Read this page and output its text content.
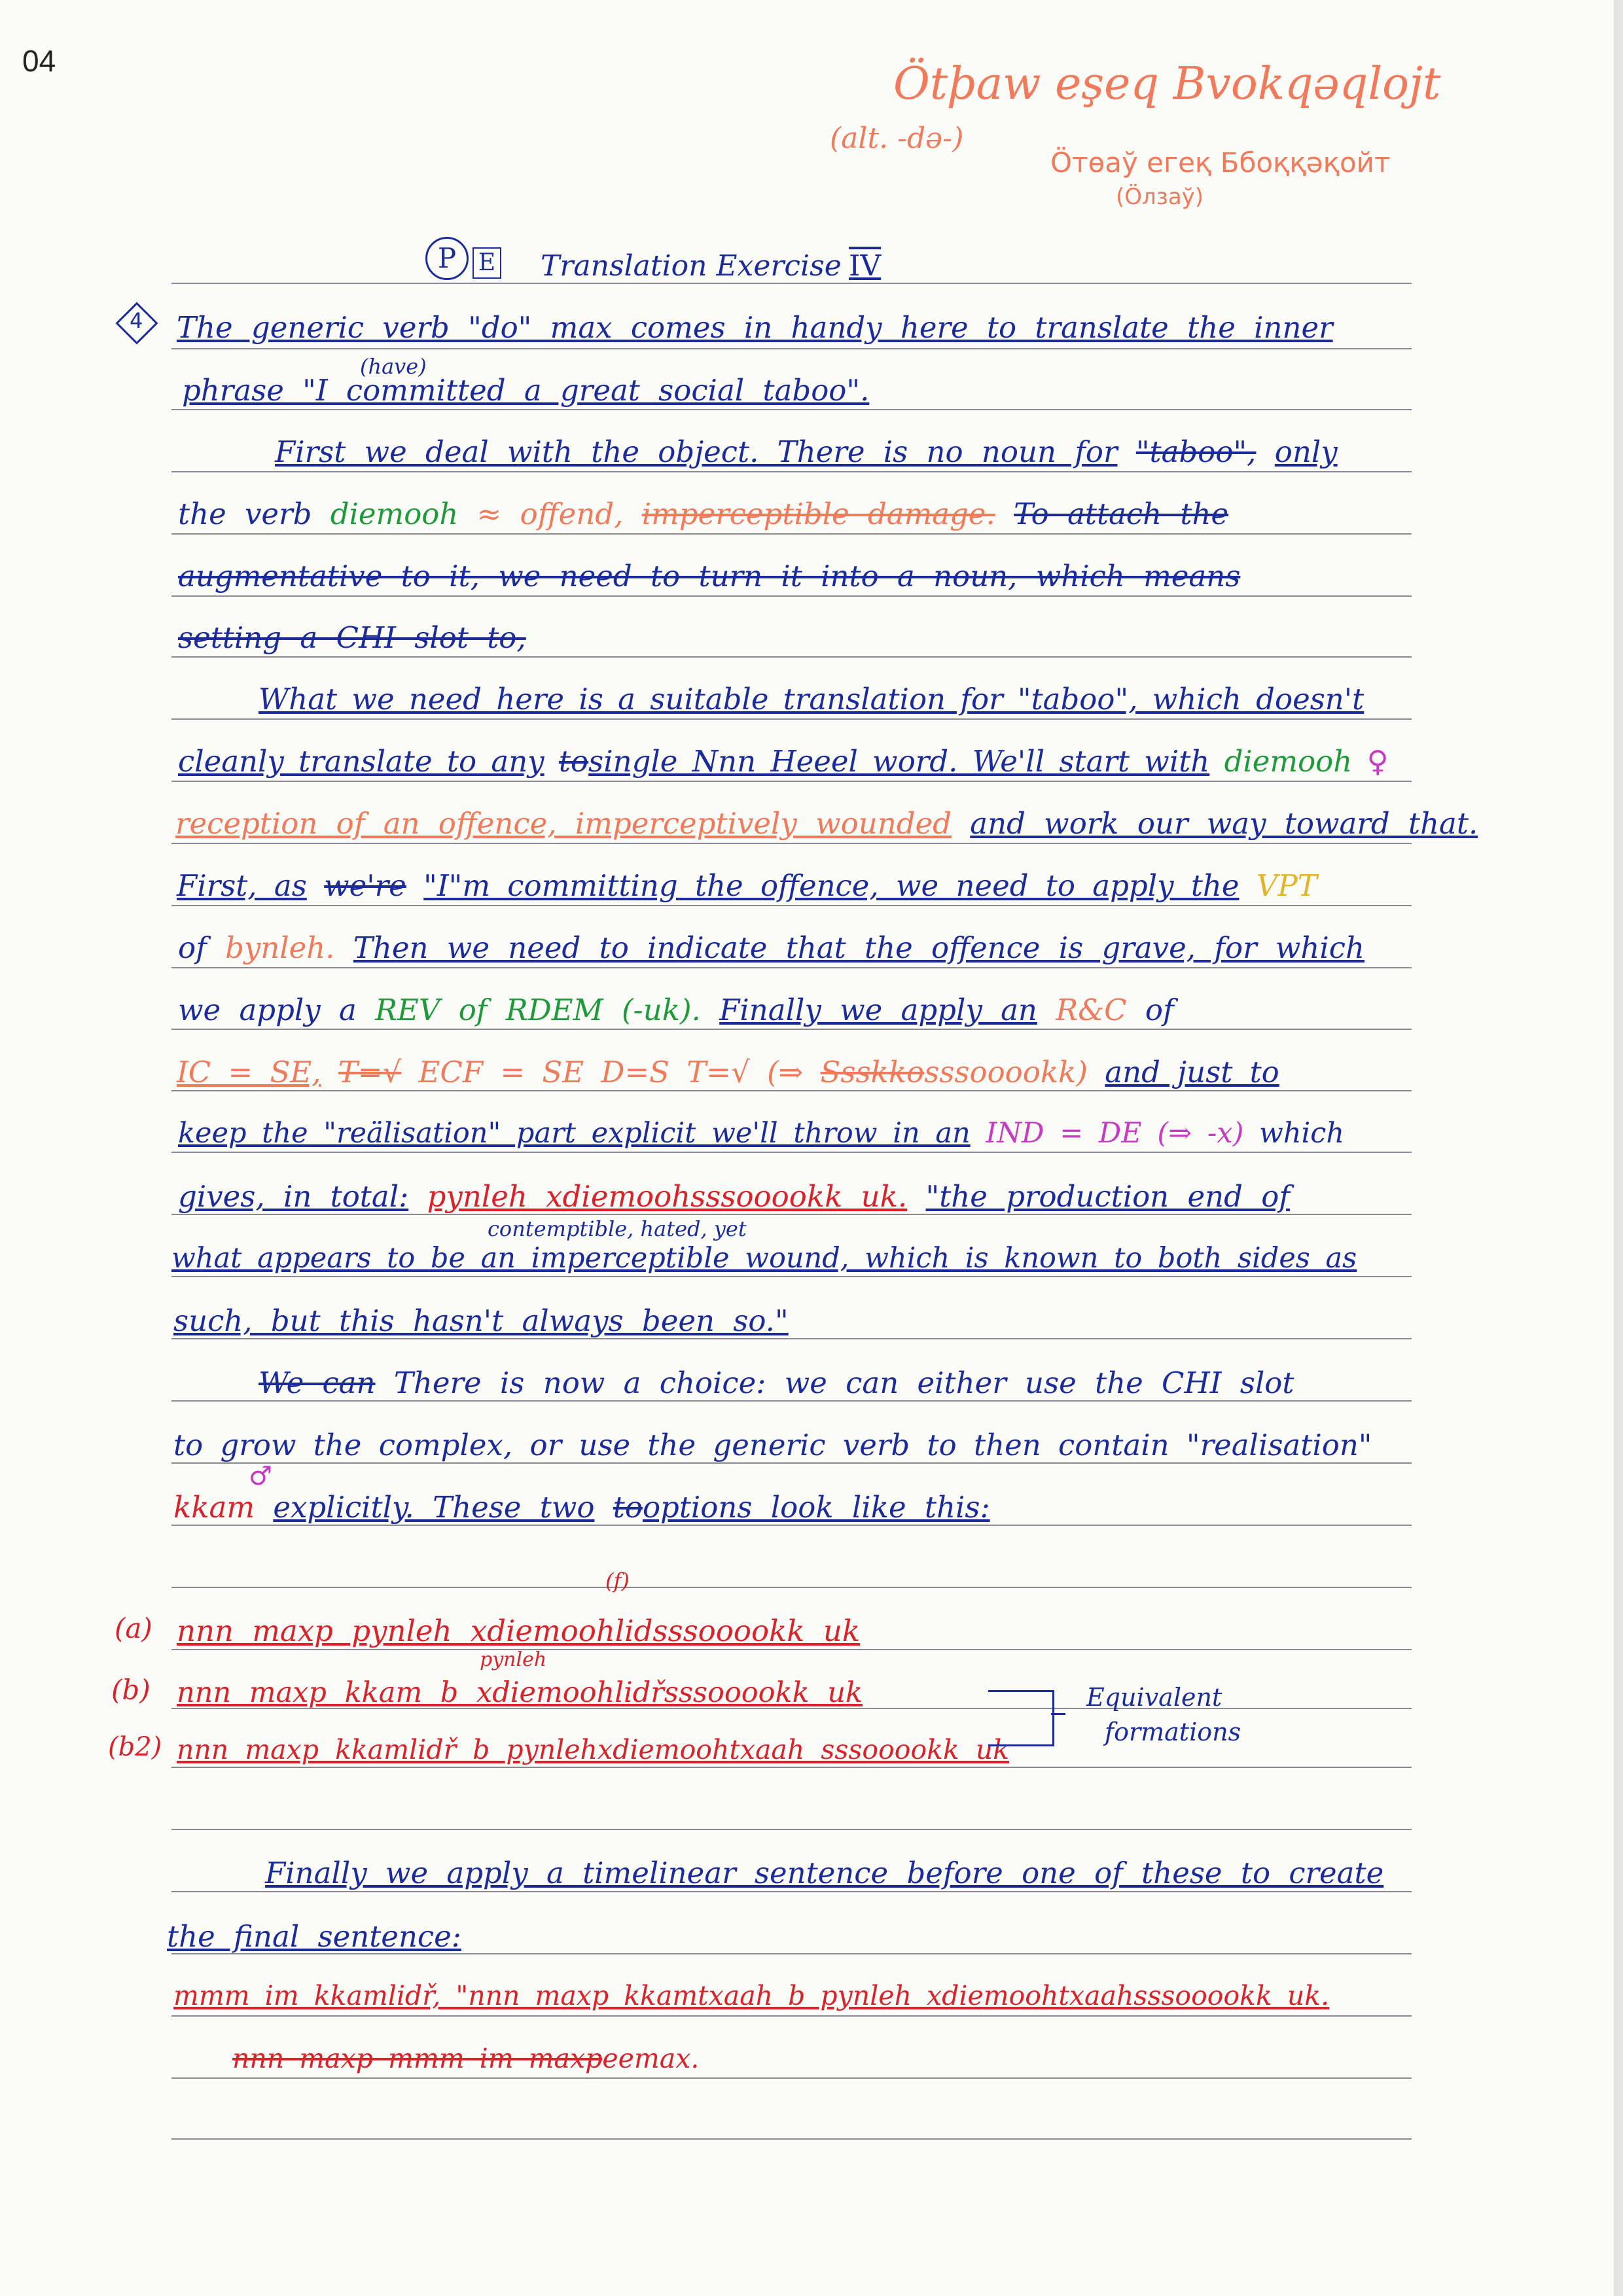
04	Ötþaw eşeq Bvokqəqlojt
(alt. -dǝ-)
Ӧтөаў егеқ Ббоққәқойт
(Ӧлзаў)
P E Translation Exercise IV
4 The generic verb "do" max comes in handy here to translate the inner
(have)
phrase "I committed a great social taboo".
First we deal with the object. There is no noun for "taboo", only
the verb diemooh ≈ offend, imperceptible damage. To attach the
augmentative to it, we need to turn it into a noun, which means
setting a CHI slot to,
What we need here is a suitable translation for "taboo", which doesn't
cleanly translate to any tosingle Nnn Heeel word. We'll start with diemooh ♀
reception of an offence, imperceptively wounded and work our way toward that.
First, as we're "I"m committing the offence, we need to apply the VPT
of bynleh. Then we need to indicate that the offence is grave, for which
we apply a REV of RDEM (-uk). Finally we apply an R&C of
IC = SE, T=√ ECF = SE D=S T=√ (⇒ Ssskkosssooookk) and just to
keep the "reälisation" part explicit we'll throw in an IND = DE (⇒ -x) which
gives, in total: pynleh xdiemoohsssooookk uk. "the production end of
contemptible, hated, yet
what appears to be an imperceptible wound, which is known to both sides as
such, but this hasn't always been so."
We can There is now a choice: we can either use the CHI slot
to grow the complex, or use the generic verb to then contain "realisation"
♂
kkam explicitly. These two tooptions look like this:
(f)
(a) nnn maxp pynleh xdiemoohlidsssooookk uk
pynleh
(b) nnn maxp kkam b xdiemoohlidřsssooookk uk
(b2) nnn maxp kkamlidř b pynlehxdiemoohtxaah sssooookk uk
Equivalent
formations
Finally we apply a timelinear sentence before one of these to create
the final sentence:
mmm im kkamlidř, "nnn maxp kkamtxaah b pynleh xdiemoohtxaahsssooookk uk.
nnn maxp mmm im maxpeemax.
